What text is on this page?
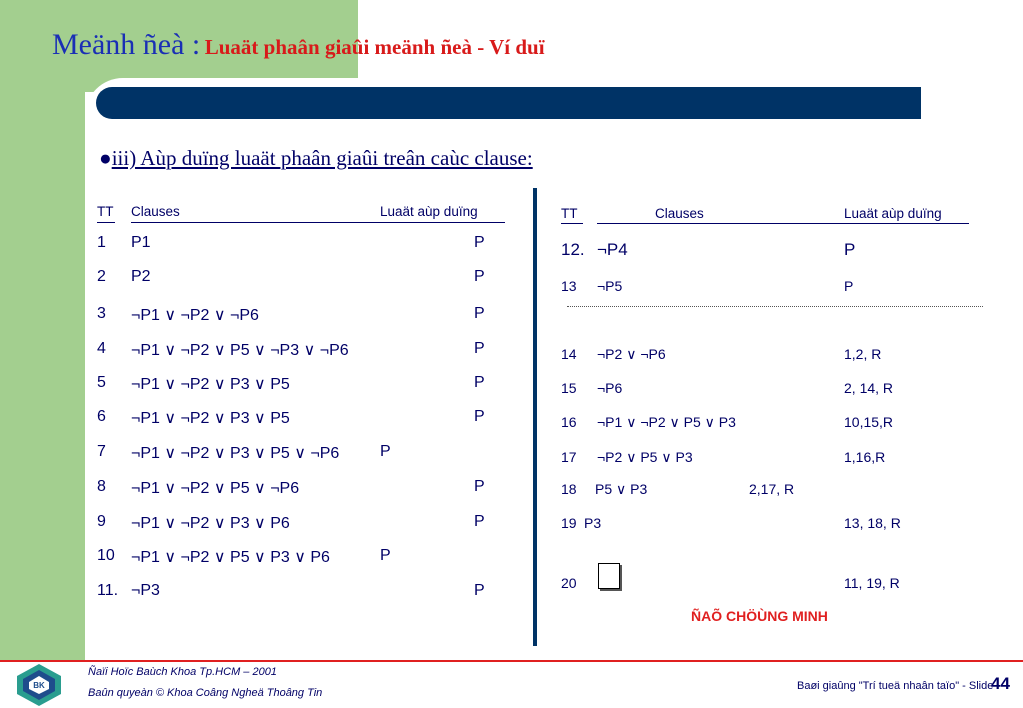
Meänh ñeà : Luaät phaân giaûi meänh ñeà - Ví duï
●iii) Aùp duïng luaät phaân giaûi treân caùc clause:
TT Clauses	Luaät aùp duïng
1 P1	P
2 P2	P
3 ¬P1 ∨ ¬P2 ∨ ¬P6	P
4 ¬P1 ∨ ¬P2 ∨ P5 ∨ ¬P3 ∨ ¬P6	P
5 ¬P1 ∨ ¬P2 ∨ P3 ∨ P5	P
6 ¬P1 ∨ ¬P2 ∨ P3 ∨ P5	P
7 ¬P1 ∨ ¬P2 ∨ P3 ∨ P5 ∨ ¬P6	P
8 ¬P1 ∨ ¬P2 ∨ P5 ∨ ¬P6	P
9 ¬P1 ∨ ¬P2 ∨ P3 ∨ P6	P
10 ¬P1 ∨ ¬P2 ∨ P5 ∨ P3 ∨ P6	P
11. ¬P3	P
TT	Clauses	Luaät aùp duïng
12. ¬P4	P
13 ¬P5	P
14 ¬P2 ∨ ¬P6	1,2, R
15 ¬P6	2, 14, R
16 ¬P1 ∨ ¬P2 ∨ P5 ∨ P3	10,15,R
17 ¬P2 ∨ P5 ∨ P3	1,16,R
18 P5 ∨ P3	2,17, R
19 P3	13, 18, R
20	11, 19, R
ÑAÕ CHÖÙNG MINH
BK
Ñaïi Hoïc Baùch Khoa Tp.HCM – 2001
Baûn quyeàn © Khoa Coâng Ngheä Thoâng Tin
Baøi giaûng "Trí tueä nhaân taïo" - Slide
44
